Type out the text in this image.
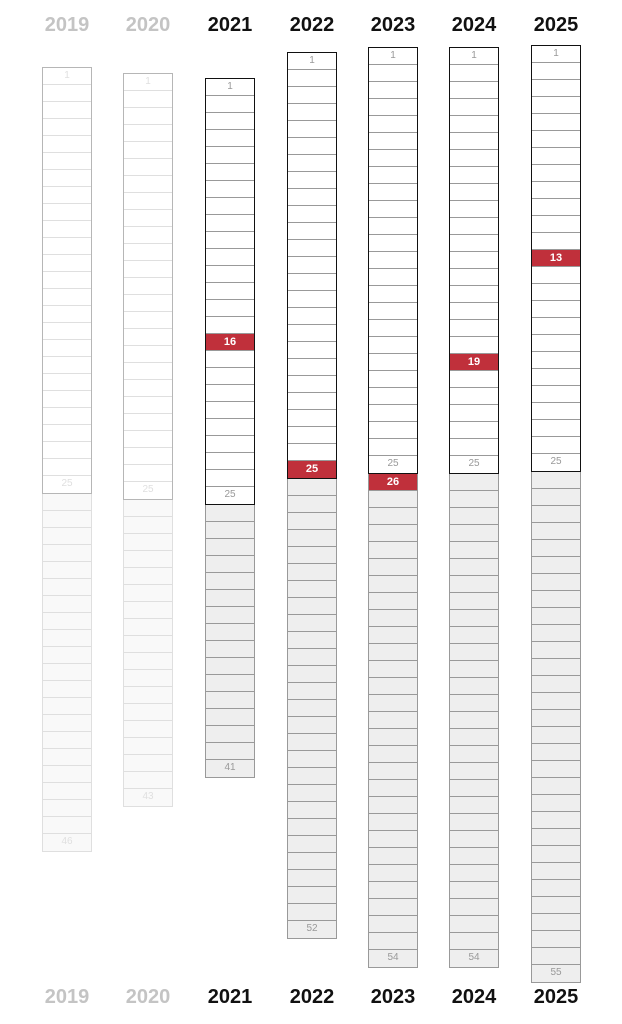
2019
2019
1
25
46
2020
2020
1
25
43
2021
2021
1
16
25
41
2022
2022
1
25
52
2023
2023
1
25
26
54
2024
2024
1
19
25
54
2025
2025
1
13
25
55
